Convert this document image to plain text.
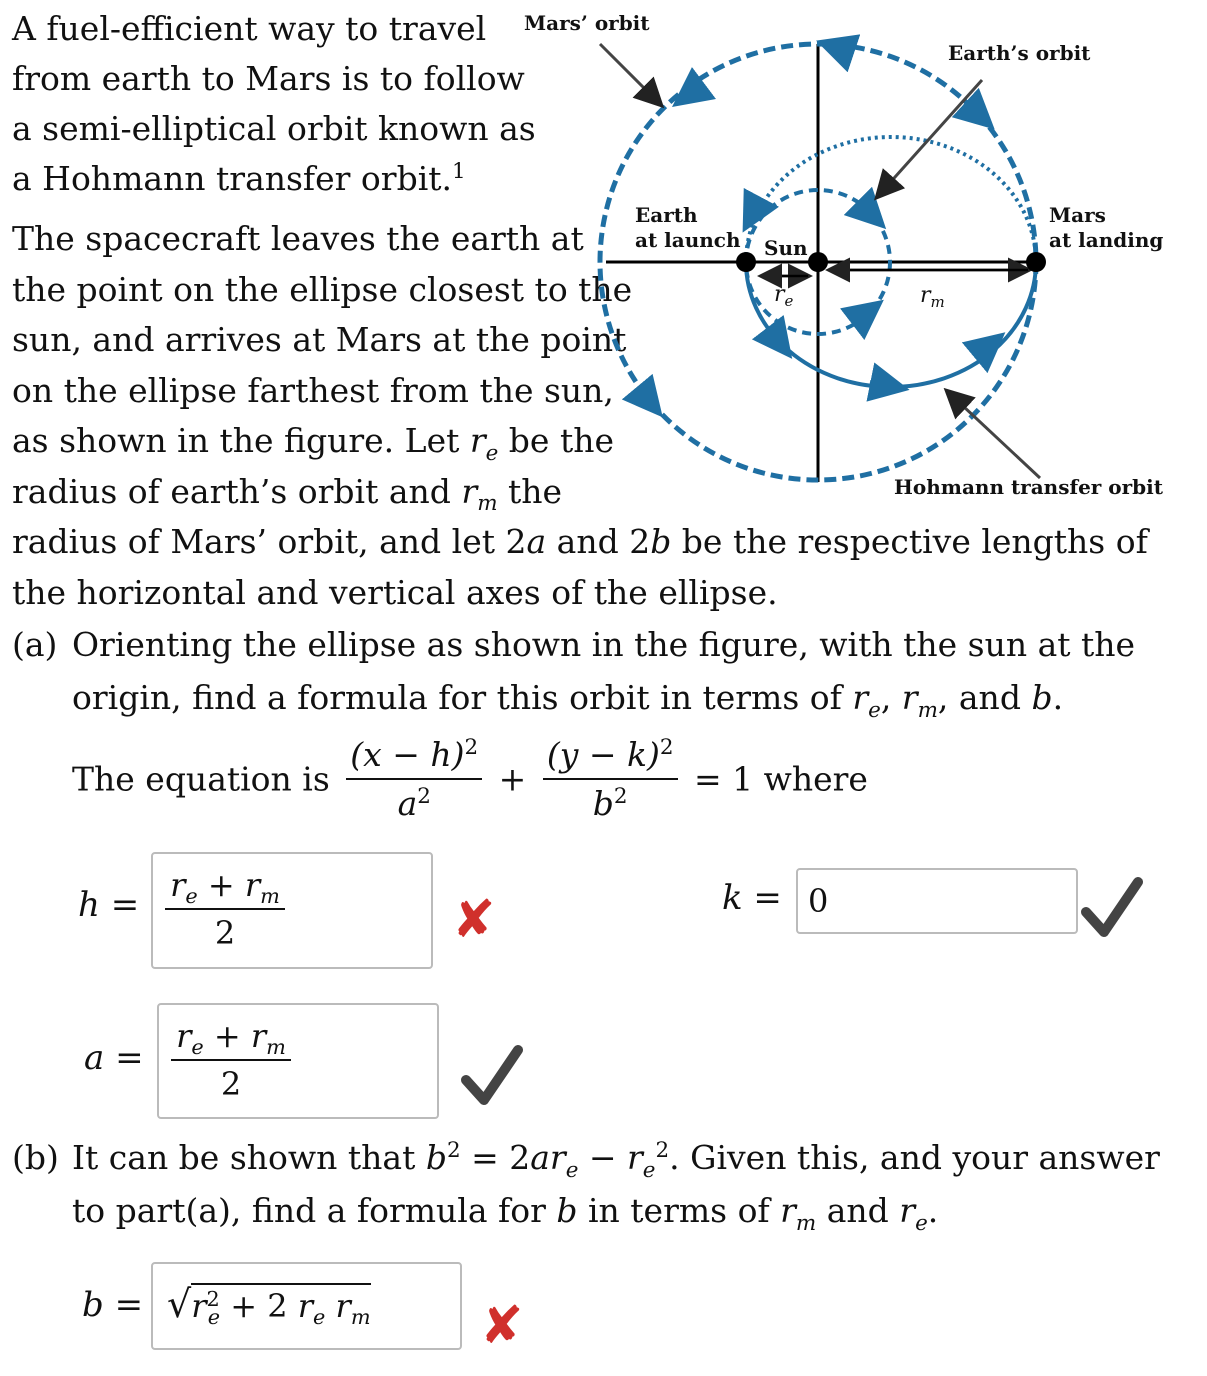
A fuel-efficient way to travel

from earth to Mars is to follow

a semi-elliptical orbit known as

a Hohmann transfer orbit.$^1$

The spacecraft leaves the earth at the point on the ellipse closest to the sun, and arrives at Mars at the point on the ellipse farthest from the sun, as shown in the figure. Let $r_e$ be the radius of earth’s orbit and $r_m$ the radius of Mars’ orbit, and let 2a and 2b be the respective lengths of the horizontal and vertical axes of the ellipse.
Mars’ orbit
Earth’s orbit
Earth
at launch Sun
Mars
at landing
Hohmann transfer orbit
$r_e$	$r_m$
(a) Orienting the ellipse as shown in the figure, with the sun at the
origin, find a formula for this orbit in terms of $r_e$, $r_m$, and b.
The equation is $\frac{(x - h)^2}{a^2} + \frac{(y - k)^2}{b^2} = 1$ where
$h = \frac{r_e + r_m}{2}$	✘	k = 0
$a = \frac{r_e + r_m}{2}$
(b) It can be shown that $b^2 = 2ar_e - r_e^2$. Given this, and your answer
to part(a), find a formula for b in terms of $r_m$ and $r_e$.
$b = √r^2_e + 2$ $r_e$ $r_m$ ✘
